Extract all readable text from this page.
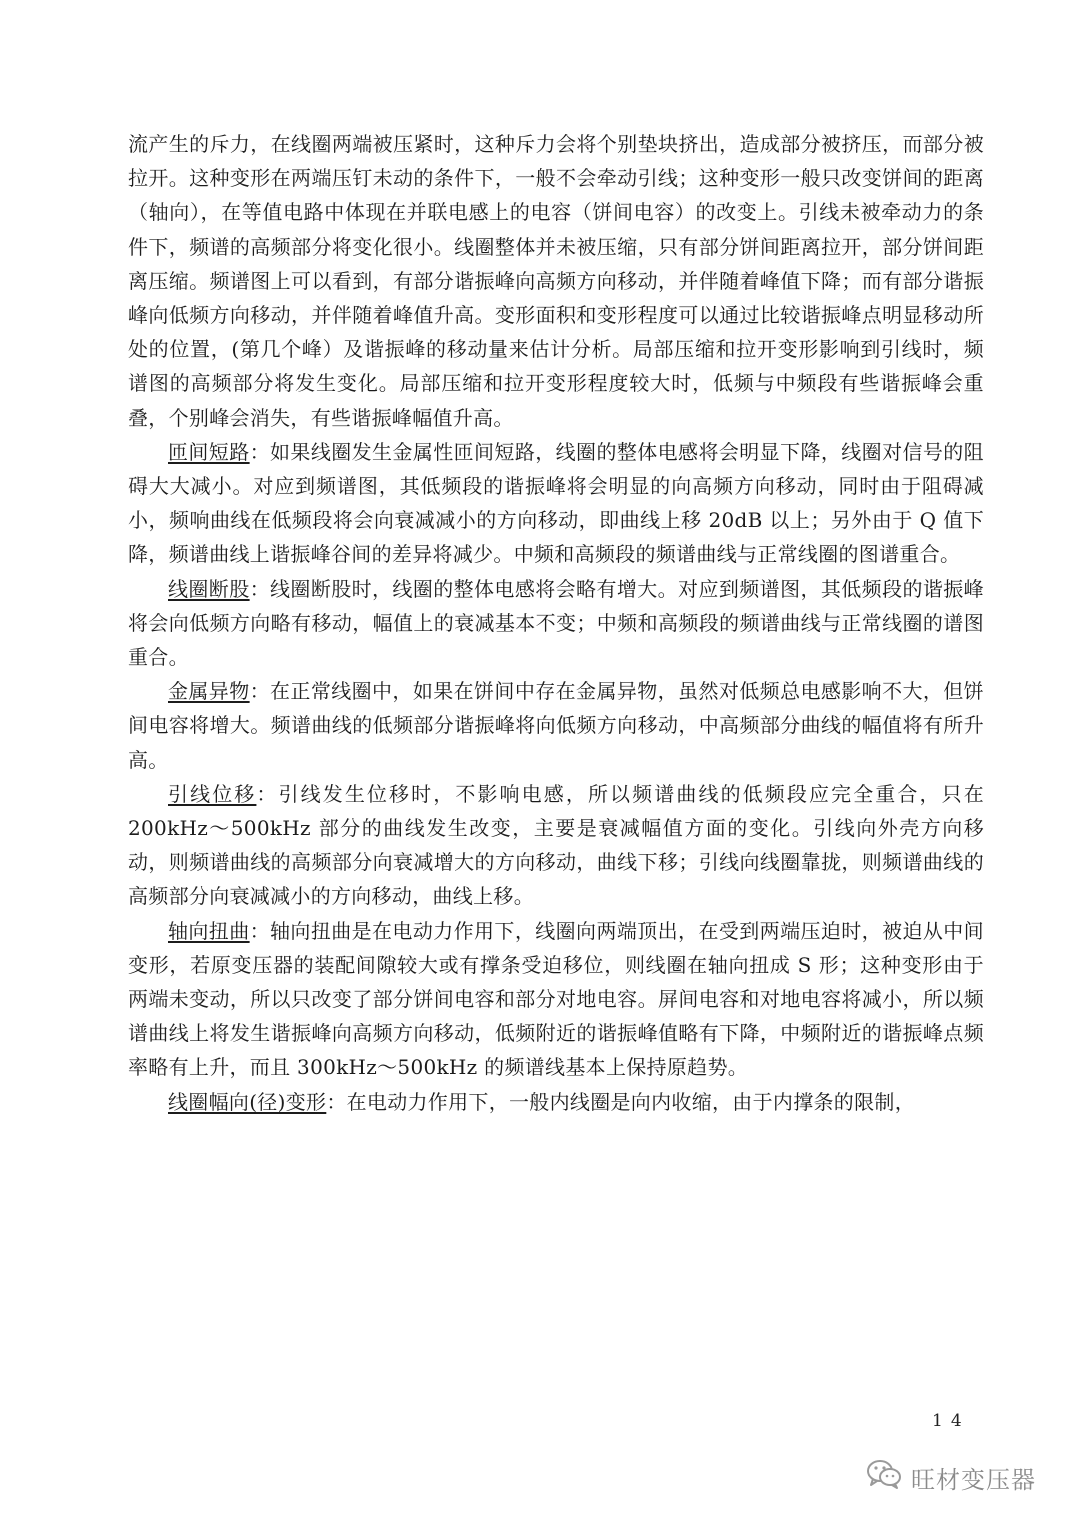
流产生的斥力，在线圈两端被压紧时，这种斥力会将个别垫块挤出，造成部分被挤压，而部分被拉开。这种变形在两端压钉未动的条件下，一般不会牵动引线；这种变形一般只改变饼间的距离（轴向），在等值电路中体现在并联电感上的电容（饼间电容）的改变上。引线未被牵动力的条件下，频谱的高频部分将变化很小。线圈整体并未被压缩，只有部分饼间距离拉开，部分饼间距离压缩。频谱图上可以看到，有部分谐振峰向高频方向移动，并伴随着峰值下降；而有部分谐振峰向低频方向移动，并伴随着峰值升高。变形面积和变形程度可以通过比较谐振峰点明显移动所处的位置，(第几个峰）及谐振峰的移动量来估计分析。局部压缩和拉开变形影响到引线时，频谱图的高频部分将发生变化。局部压缩和拉开变形程度较大时，低频与中频段有些谐振峰会重叠，个别峰会消失，有些谐振峰幅值升高。

匝间短路：如果线圈发生金属性匝间短路，线圈的整体电感将会明显下降，线圈对信号的阻碍大大减小。对应到频谱图，其低频段的谐振峰将会明显的向高频方向移动，同时由于阻碍减小，频响曲线在低频段将会向衰减减小的方向移动，即曲线上移 20dB 以上；另外由于 Q 值下降，频谱曲线上谐振峰谷间的差异将减少。中频和高频段的频谱曲线与正常线圈的图谱重合。

线圈断股：线圈断股时，线圈的整体电感将会略有增大。对应到频谱图，其低频段的谐振峰将会向低频方向略有移动，幅值上的衰减基本不变；中频和高频段的频谱曲线与正常线圈的谱图重合。

金属异物：在正常线圈中，如果在饼间中存在金属异物，虽然对低频总电感影响不大，但饼间电容将增大。频谱曲线的低频部分谐振峰将向低频方向移动，中高频部分曲线的幅值将有所升高。

引线位移：引线发生位移时，不影响电感，所以频谱曲线的低频段应完全重合，只在 200kHz～500kHz 部分的曲线发生改变，主要是衰减幅值方面的变化。引线向外壳方向移动，则频谱曲线的高频部分向衰减增大的方向移动，曲线下移；引线向线圈靠拢，则频谱曲线的高频部分向衰减减小的方向移动，曲线上移。

轴向扭曲：轴向扭曲是在电动力作用下，线圈向两端顶出，在受到两端压迫时，被迫从中间变形，若原变压器的装配间隙较大或有撑条受迫移位，则线圈在轴向扭成 S 形；这种变形由于两端未变动，所以只改变了部分饼间电容和部分对地电容。屏间电容和对地电容将减小，所以频谱曲线上将发生谐振峰向高频方向移动，低频附近的谐振峰值略有下降，中频附近的谐振峰点频率略有上升，而且 300kHz～500kHz 的频谱线基本上保持原趋势。

线圈幅向(径)变形：在电动力作用下，一般内线圈是向内收缩，由于内撑条的限制，

14
旺材变压器
